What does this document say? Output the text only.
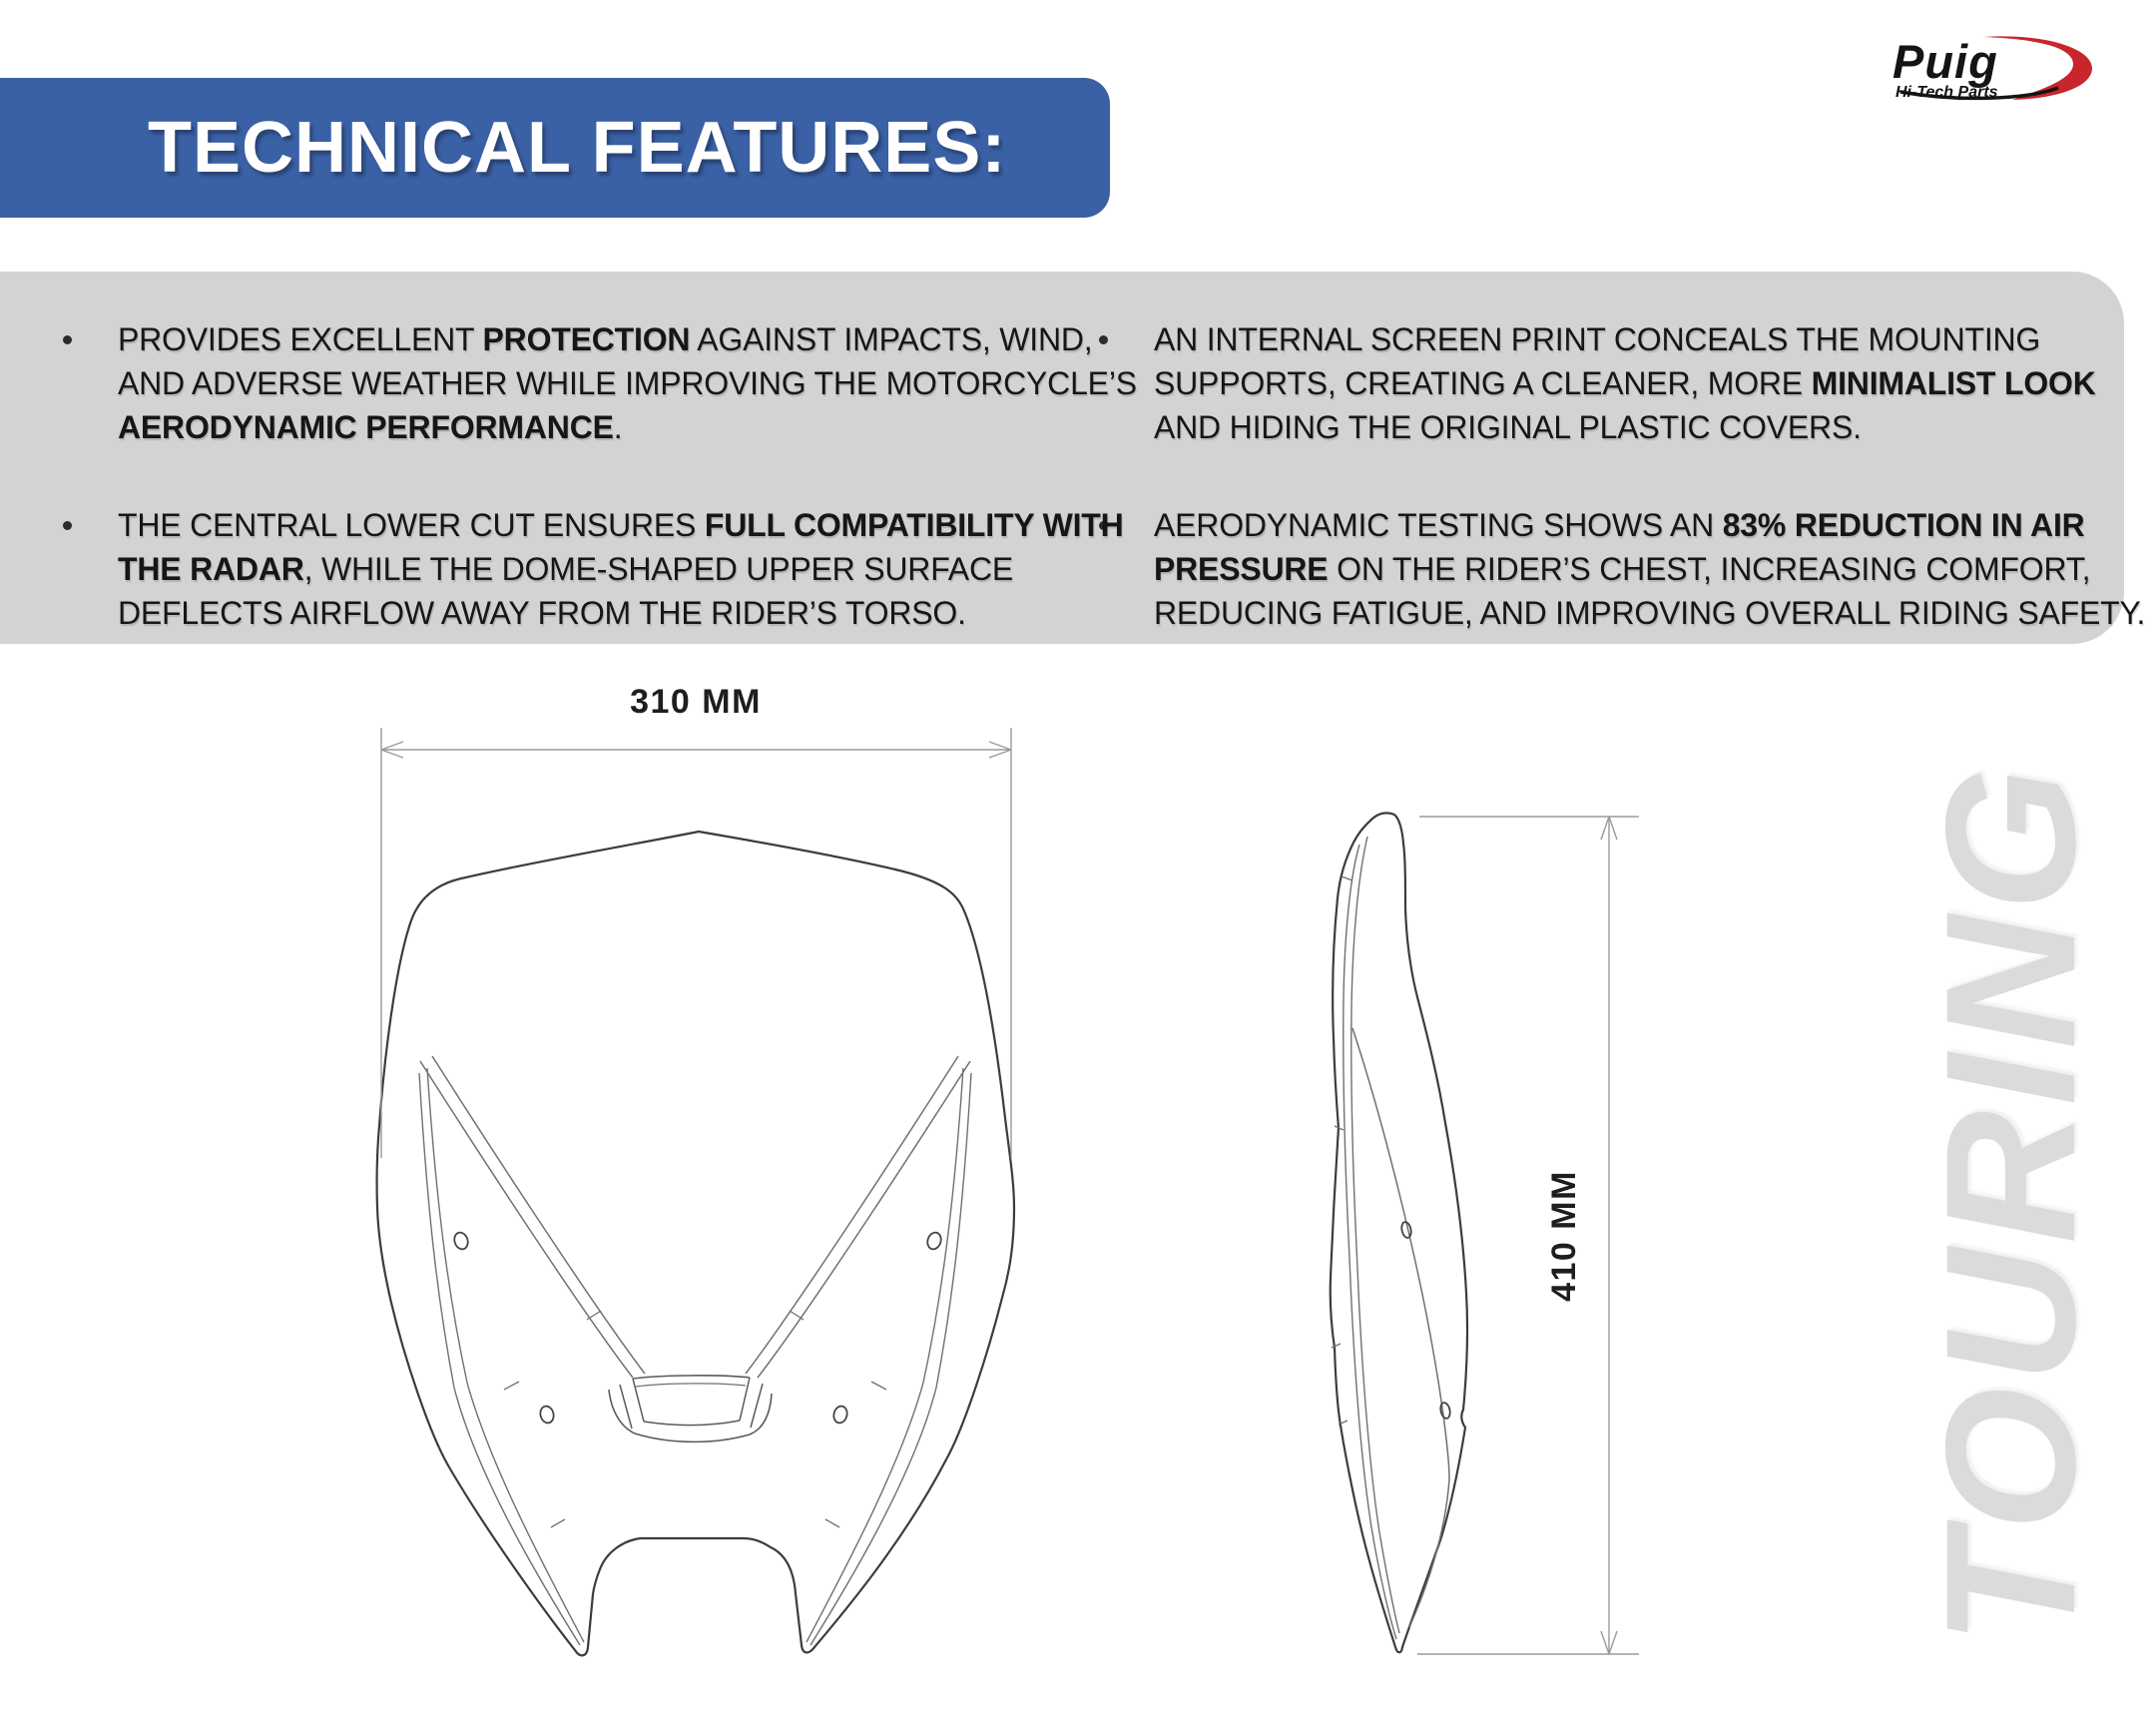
TOURING
310 MM
410 MM
TECHNICAL FEATURES:
Puig
Hi-Tech Parts
PROVIDES EXCELLENT PROTECTION AGAINST IMPACTS, WIND,
AND ADVERSE WEATHER WHILE IMPROVING THE MOTORCYCLE’S
AERODYNAMIC PERFORMANCE.
THE CENTRAL LOWER CUT ENSURES FULL COMPATIBILITY WITH
THE RADAR, WHILE THE DOME-SHAPED UPPER SURFACE
DEFLECTS AIRFLOW AWAY FROM THE RIDER’S TORSO.
AN INTERNAL SCREEN PRINT CONCEALS THE MOUNTING
SUPPORTS, CREATING A CLEANER, MORE MINIMALIST LOOK
AND HIDING THE ORIGINAL PLASTIC COVERS.
AERODYNAMIC TESTING SHOWS AN 83% REDUCTION IN AIR
PRESSURE ON THE RIDER’S CHEST, INCREASING COMFORT,
REDUCING FATIGUE, AND IMPROVING OVERALL RIDING SAFETY.
